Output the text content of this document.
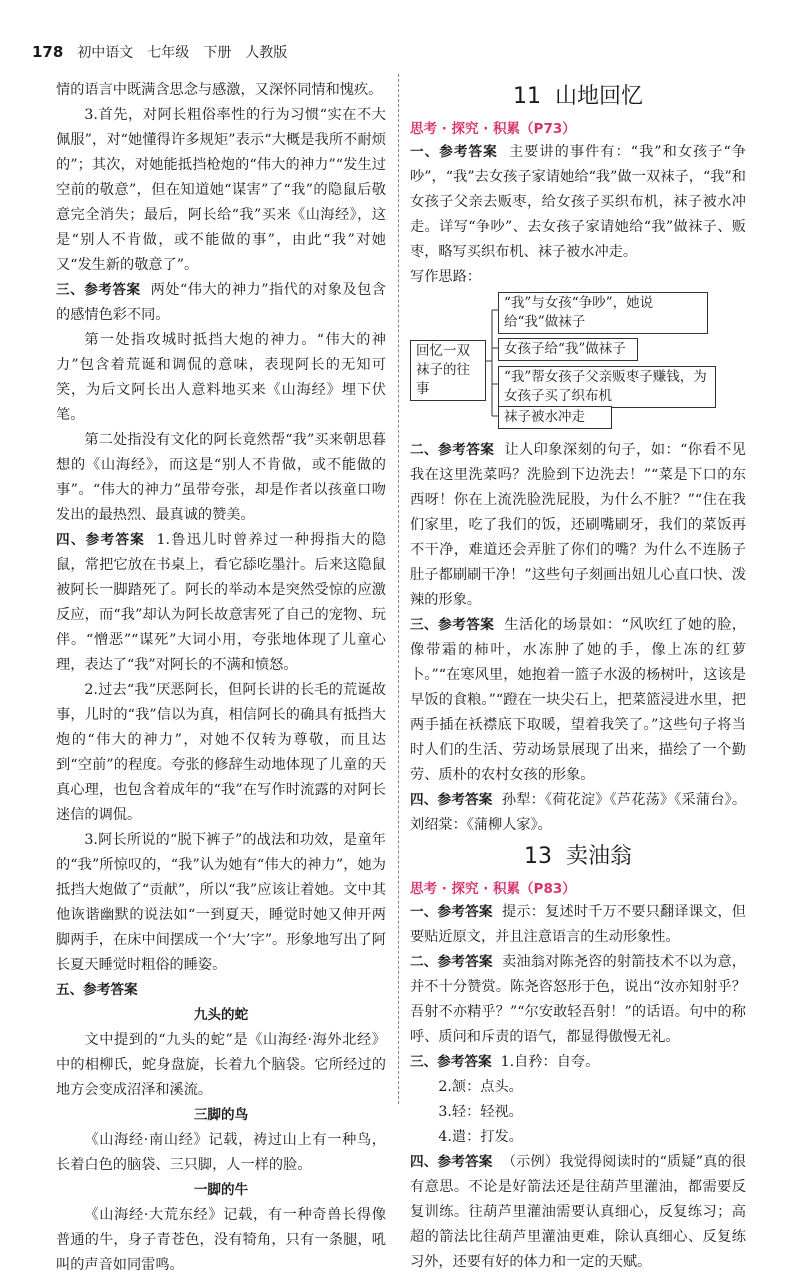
178 初中语文 七年级 下册 人教版

情的语言中既满含思念与感激，又深怀同情和愧疚。

3.首先，对阿长粗俗率性的行为习惯“实在不大佩服”，对“她懂得许多规矩”表示“大概是我所不耐烦的”；其次，对她能抵挡枪炮的“伟大的神力”“发生过空前的敬意”，但在知道她“谋害”了“我”的隐鼠后敬意完全消失；最后，阿长给“我”买来《山海经》，这是“别人不肯做，或不能做的事”，由此“我”对她又“发生新的敬意了”。

三、参考答案 两处“伟大的神力”指代的对象及包含的感情色彩不同。

第一处指攻城时抵挡大炮的神力。“伟大的神力”包含着荒诞和调侃的意味，表现阿长的无知可笑，为后文阿长出人意料地买来《山海经》埋下伏笔。

第二处指没有文化的阿长竟然帮“我”买来朝思暮想的《山海经》，而这是“别人不肯做，或不能做的事”。“伟大的神力”虽带夸张，却是作者以孩童口吻发出的最热烈、最真诚的赞美。

四、参考答案 1.鲁迅儿时曾养过一种拇指大的隐鼠，常把它放在书桌上，看它舔吃墨汁。后来这隐鼠被阿长一脚踏死了。阿长的举动本是突然受惊的应激反应，而“我”却认为阿长故意害死了自己的宠物、玩伴。“憎恶”“谋死”大词小用，夸张地体现了儿童心理，表达了“我”对阿长的不满和愤怒。

2.过去“我”厌恶阿长，但阿长讲的长毛的荒诞故事，儿时的“我”信以为真，相信阿长的确具有抵挡大炮的“伟大的神力”，对她不仅转为尊敬，而且达到“空前”的程度。夸张的修辞生动地体现了儿童的天真心理，也包含着成年的“我”在写作时流露的对阿长迷信的调侃。

3.阿长所说的“脱下裤子”的战法和功效，是童年的“我”所惊叹的，“我”认为她有“伟大的神力”，她为抵挡大炮做了“贡献”，所以“我”应该让着她。文中其他诙谐幽默的说法如“一到夏天，睡觉时她又伸开两脚两手，在床中间摆成一个‘大’字”。形象地写出了阿长夏天睡觉时粗俗的睡姿。

五、参考答案

九头的蛇

文中提到的“九头的蛇”是《山海经·海外北经》中的相柳氏，蛇身盘旋，长着九个脑袋。它所经过的地方会变成沼泽和溪流。

三脚的鸟

《山海经·南山经》记载，祷过山上有一种鸟，长着白色的脑袋、三只脚，人一样的脸。

一脚的牛

《山海经·大荒东经》记载，有一种奇兽长得像普通的牛，身子青苍色，没有犄角，只有一条腿，吼叫的声音如同雷鸣。

11 山地回忆
思考 · 探究 · 积累（P73）

一、参考答案 主要讲的事件有：“我”和女孩子“争吵”，“我”去女孩子家请她给“我”做一双袜子，“我”和女孩子父亲去贩枣，给女孩子买织布机，袜子被水冲走。详写“争吵”、去女孩子家请她给“我”做袜子、贩枣，略写买织布机、袜子被水冲走。

写作思路：

回忆一双袜子的往事
“我”与女孩“争吵”，她说给“我”做袜子
女孩子给“我”做袜子
“我”帮女孩子父亲贩枣子赚钱，为女孩子买了织布机
袜子被水冲走

二、参考答案 让人印象深刻的句子，如：“你看不见我在这里洗菜吗？洗脸到下边洗去！”“菜是下口的东西呀！你在上流洗脸洗屁股，为什么不脏？”“住在我们家里，吃了我们的饭，还刷嘴刷牙，我们的菜饭再不干净，难道还会弄脏了你们的嘴？为什么不连肠子肚子都刷刷干净！”这些句子刻画出妞儿心直口快、泼辣的形象。

三、参考答案 生活化的场景如：“风吹红了她的脸，像带霜的柿叶，水冻肿了她的手，像上冻的红萝卜。”“在寒风里，她抱着一篮子水汲的杨树叶，这该是早饭的食粮。”“蹬在一块尖石上，把菜篮浸进水里，把两手插在袄襟底下取暖，望着我笑了。”这些句子将当时人们的生活、劳动场景展现了出来，描绘了一个勤劳、质朴的农村女孩的形象。

四、参考答案 孙犁：《荷花淀》《芦花荡》《采蒲台》。刘绍棠：《蒲柳人家》。

13 卖油翁
思考 · 探究 · 积累（P83）

一、参考答案 提示：复述时千万不要只翻译课文，但要贴近原文，并且注意语言的生动形象性。

二、参考答案 卖油翁对陈尧咨的射箭技术不以为意，并不十分赞赏。陈尧咨怒形于色，说出“汝亦知射乎？吾射不亦精乎？”“尔安敢轻吾射！”的话语。句中的称呼、质问和斥责的语气，都显得傲慢无礼。

三、参考答案 1.自矜：自夸。

2.颔：点头。

3.轻：轻视。

4.遣：打发。

四、参考答案 （示例）我觉得阅读时的“质疑”真的很有意思。不论是好箭法还是往葫芦里灌油，都需要反复训练。往葫芦里灌油需要认真细心，反复练习；高超的箭法比往葫芦里灌油更难，除认真细心、反复练习外，还要有好的体力和一定的天赋。
